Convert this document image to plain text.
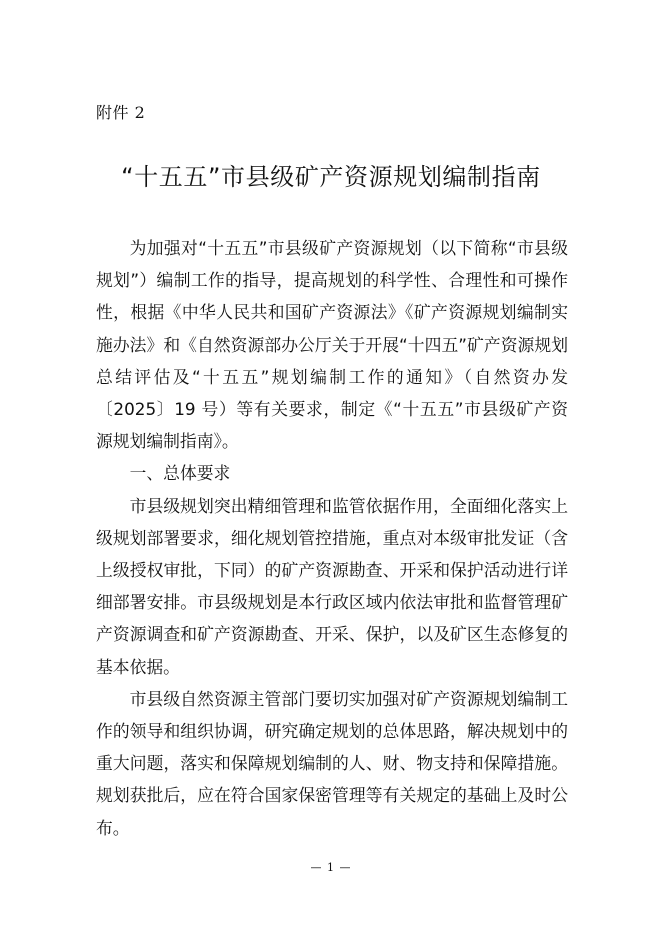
附件 2
“十五五”市县级矿产资源规划编制指南

为加强对“十五五”市县级矿产资源规划（以下简称“市县级规划”）编制工作的指导，提高规划的科学性、合理性和可操作性，根据《中华人民共和国矿产资源法》《矿产资源规划编制实施办法》和《自然资源部办公厅关于开展“十四五”矿产资源规划总结评估及“十五五”规划编制工作的通知》（自然资办发〔2025〕19 号）等有关要求，制定《“十五五”市县级矿产资源规划编制指南》。

一、总体要求

市县级规划突出精细管理和监管依据作用，全面细化落实上级规划部署要求，细化规划管控措施，重点对本级审批发证（含上级授权审批，下同）的矿产资源勘查、开采和保护活动进行详细部署安排。市县级规划是本行政区域内依法审批和监督管理矿产资源调查和矿产资源勘查、开采、保护，以及矿区生态修复的基本依据。

市县级自然资源主管部门要切实加强对矿产资源规划编制工作的领导和组织协调，研究确定规划的总体思路，解决规划中的重大问题，落实和保障规划编制的人、财、物支持和保障措施。规划获批后，应在符合国家保密管理等有关规定的基础上及时公布。

— 1 —
